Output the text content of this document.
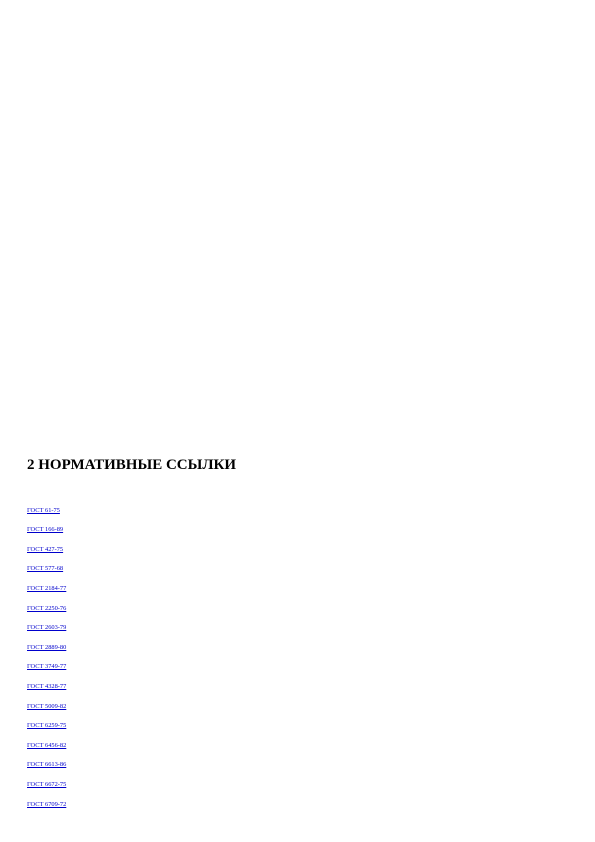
2 НОРМАТИВНЫЕ ССЫЛКИ
ГОСТ 61-75
ГОСТ 166-89
ГОСТ 427-75
ГОСТ 577-68
ГОСТ 2184-77
ГОСТ 2250-76
ГОСТ 2603-79
ГОСТ 2889-80
ГОСТ 3749-77
ГОСТ 4328-77
ГОСТ 5009-82
ГОСТ 6259-75
ГОСТ 6456-82
ГОСТ 6613-86
ГОСТ 6672-75
ГОСТ 6709-72
